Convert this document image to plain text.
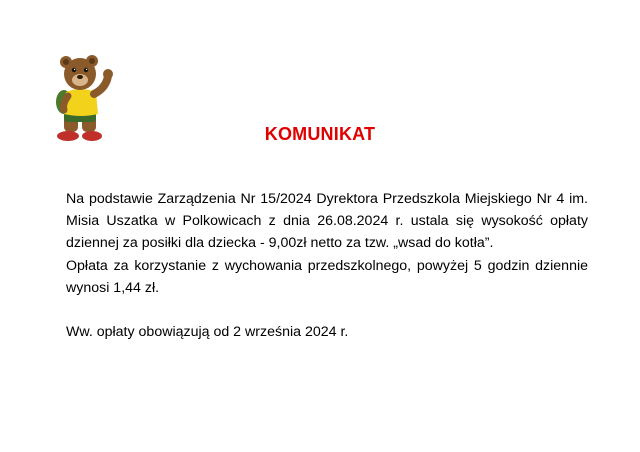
KOMUNIKAT

Na podstawie Zarządzenia Nr 15/2024 Dyrektora Przedszkola Miejskiego Nr 4 im. Misia Uszatka w Polkowicach z dnia 26.08.2024 r. ustala się wysokość opłaty dziennej za posiłki dla dziecka - 9,00zł netto za tzw. „wsad do kotła”.

Opłata za korzystanie z wychowania przedszkolnego, powyżej 5 godzin dziennie wynosi 1,44 zł.

Ww. opłaty obowiązują od 2 września 2024 r.
